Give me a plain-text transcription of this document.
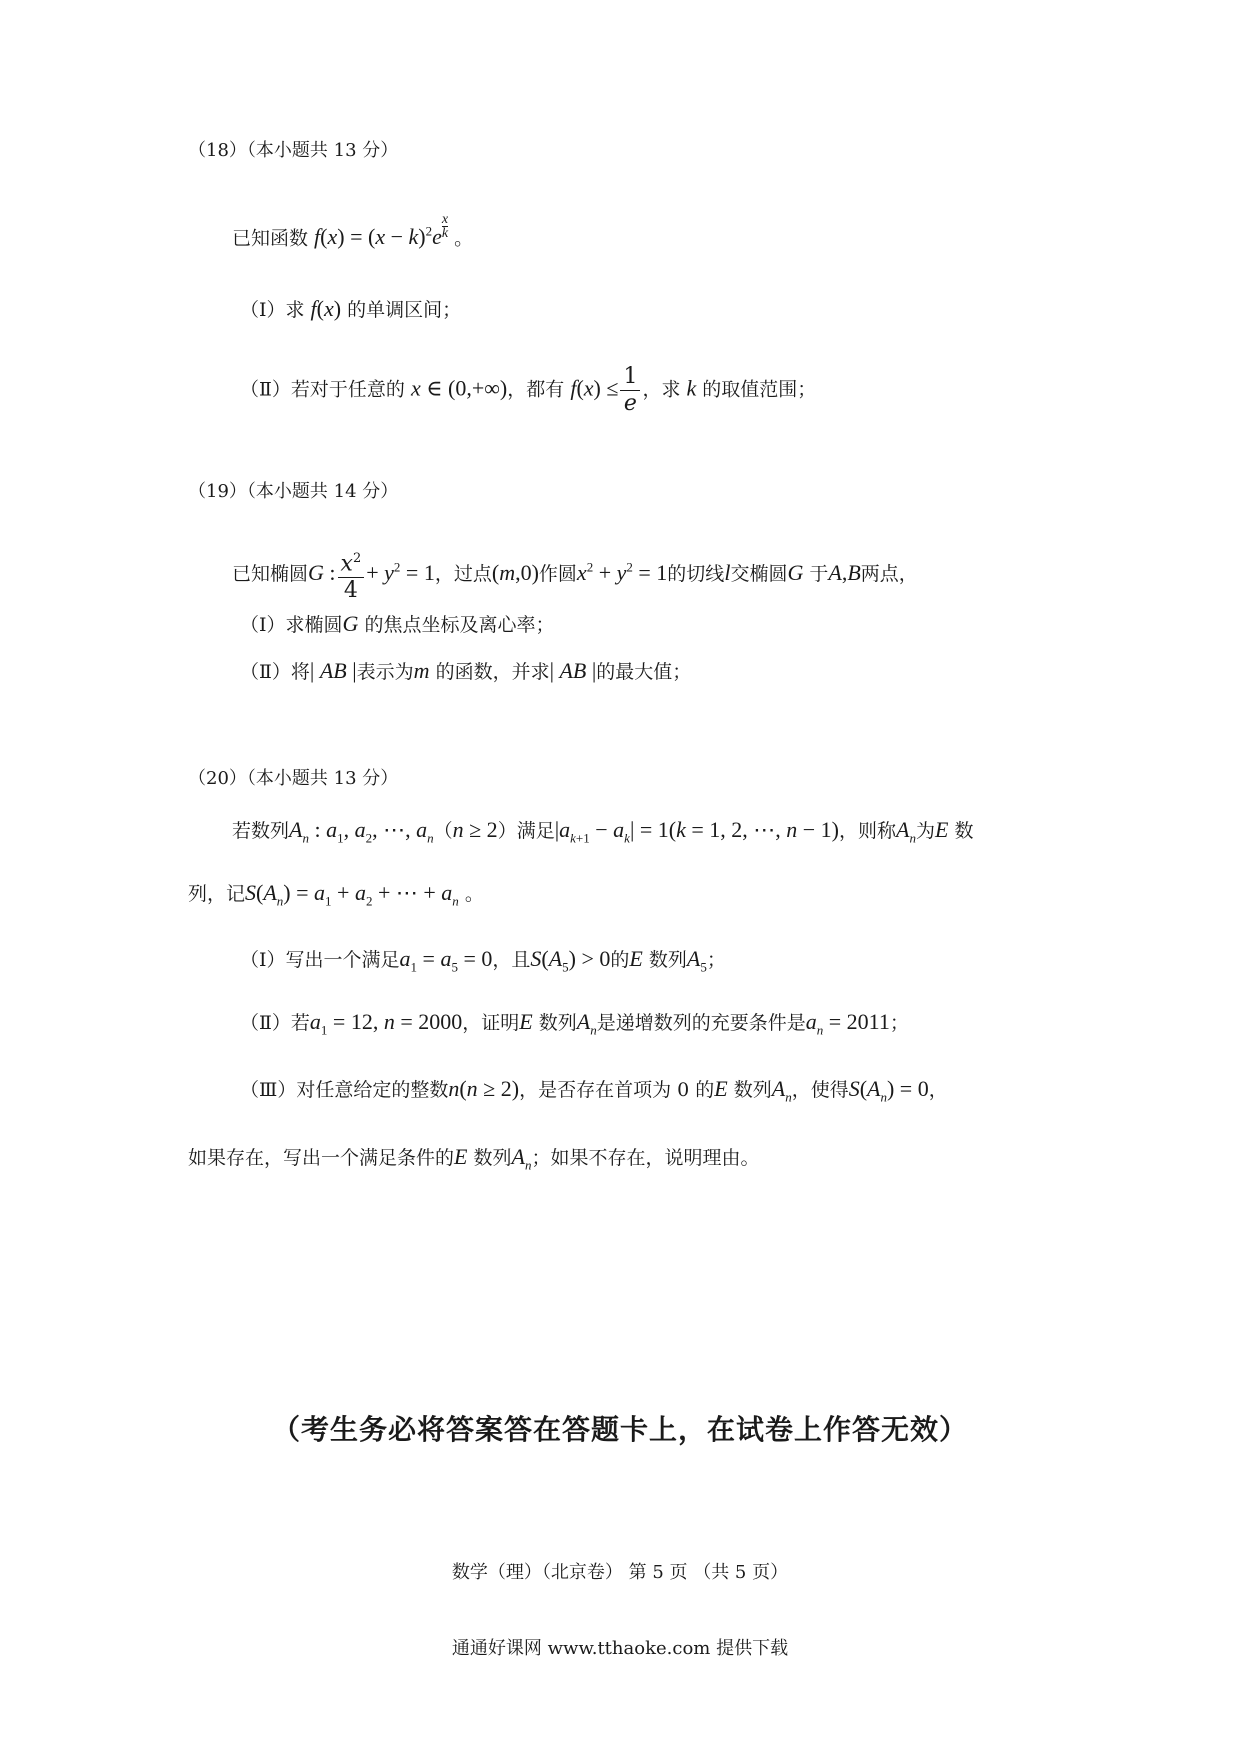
（18）（本小题共 13 分）
已知函数 $f(x) = (x - k)^2e$ $^{\frac{x}{k}}$ 。
（Ⅰ）求 f(x) 的单调区间；
（Ⅱ）若对于任意的 x ∈ (0,+∞)，都有 $f(x) \le \frac{1}{e}$ ，求 k 的取值范围；
（19）（本小题共 14 分）
已知椭圆G : $\frac{x^2}{4} + y^2 = 1$，过点(m,0)作圆$x^2 + y^2 = 1$的切线l交椭圆G 于A,B两点，
（Ⅰ）求椭圆G 的焦点坐标及离心率；
（Ⅱ）将| AB |表示为m 的函数，并求| AB |的最大值；
（20）（本小题共 13 分）
若数列$A_n$ : $a_1$, $a_2$, ⋯, $a_n(n \ge 2)$满足$|a_{k+1} - a_k| = 1(k = 1$, 2, ⋯, n − 1)，则称$A_n$为E 数
列，记$S(A_n) = a_1 + a_2$ + ⋯ + $a_n$ 。
（Ⅰ）写出一个满足$a_1 = a_5 = 0$，且$S(A_5) > 0$的E 数列$A_5$；
（Ⅱ）若$a_1 = 12$, n = 2000，证明E 数列$A_n$是递增数列的充要条件是$a_n = 2011$；
（Ⅲ）对任意给定的整数n(n ≥ 2)，是否存在首项为 0 的E 数列$A_n$，使得$S(A_n) = 0$，
如果存在，写出一个满足条件的E 数列$A_n$；如果不存在，说明理由。
（考生务必将答案答在答题卡上，在试卷上作答无效）
数学（理）（北京卷） 第 5 页 （共 5 页）
通通好课网 www.tthaoke.com 提供下载
